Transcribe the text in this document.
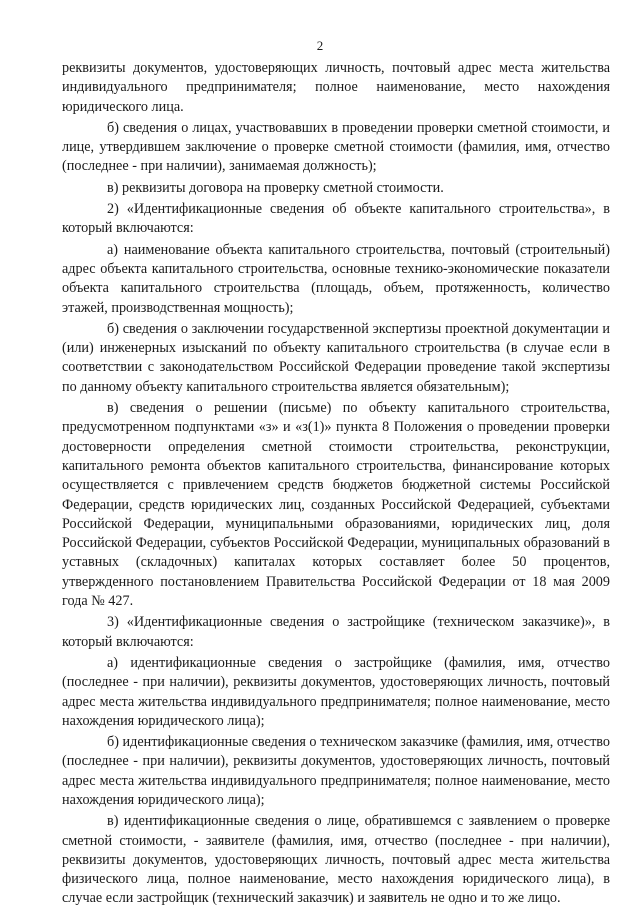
2

реквизиты документов, удостоверяющих личность, почтовый адрес места жительства индивидуального предпринимателя; полное наименование, место нахождения юридического лица.

б) сведения о лицах, участвовавших в проведении проверки сметной стоимости, и лице, утвердившем заключение о проверке сметной стоимости (фамилия, имя, отчество (последнее - при наличии), занимаемая должность);

в) реквизиты договора на проверку сметной стоимости.

2) «Идентификационные сведения об объекте капитального строительства», в который включаются:

а) наименование объекта капитального строительства, почтовый (строительный) адрес объекта капитального строительства, основные технико-экономические показатели объекта капитального строительства (площадь, объем, протяженность, количество этажей, производственная мощность);

б) сведения о заключении государственной экспертизы проектной документации и (или) инженерных изысканий по объекту капитального строительства (в случае если в соответствии с законодательством Российской Федерации проведение такой экспертизы по данному объекту капитального строительства является обязательным);

в) сведения о решении (письме) по объекту капитального строительства, предусмотренном подпунктами «з» и «з(1)» пункта 8 Положения о проведении проверки достоверности определения сметной стоимости строительства, реконструкции, капитального ремонта объектов капитального строительства, финансирование которых осуществляется с привлечением средств бюджетов бюджетной системы Российской Федерации, средств юридических лиц, созданных Российской Федерацией, субъектами Российской Федерации, муниципальными образованиями, юридических лиц, доля Российской Федерации, субъектов Российской Федерации, муниципальных образований в уставных (складочных) капиталах которых составляет более 50 процентов, утвержденного постановлением Правительства Российской Федерации от 18 мая 2009 года № 427.

3) «Идентификационные сведения о застройщике (техническом заказчике)», в который включаются:

а) идентификационные сведения о застройщике (фамилия, имя, отчество (последнее - при наличии), реквизиты документов, удостоверяющих личность, почтовый адрес места жительства индивидуального предпринимателя; полное наименование, место нахождения юридического лица);

б) идентификационные сведения о техническом заказчике (фамилия, имя, отчество (последнее - при наличии), реквизиты документов, удостоверяющих личность, почтовый адрес места жительства индивидуального предпринимателя; полное наименование, место нахождения юридического лица);

в) идентификационные сведения о лице, обратившемся с заявлением о проверке сметной стоимости, - заявителе (фамилия, имя, отчество (последнее - при наличии), реквизиты документов, удостоверяющих личность, почтовый адрес места жительства физического лица, полное наименование, место нахождения юридического лица), в случае если застройщик (технический заказчик) и заявитель не одно и то же лицо.
